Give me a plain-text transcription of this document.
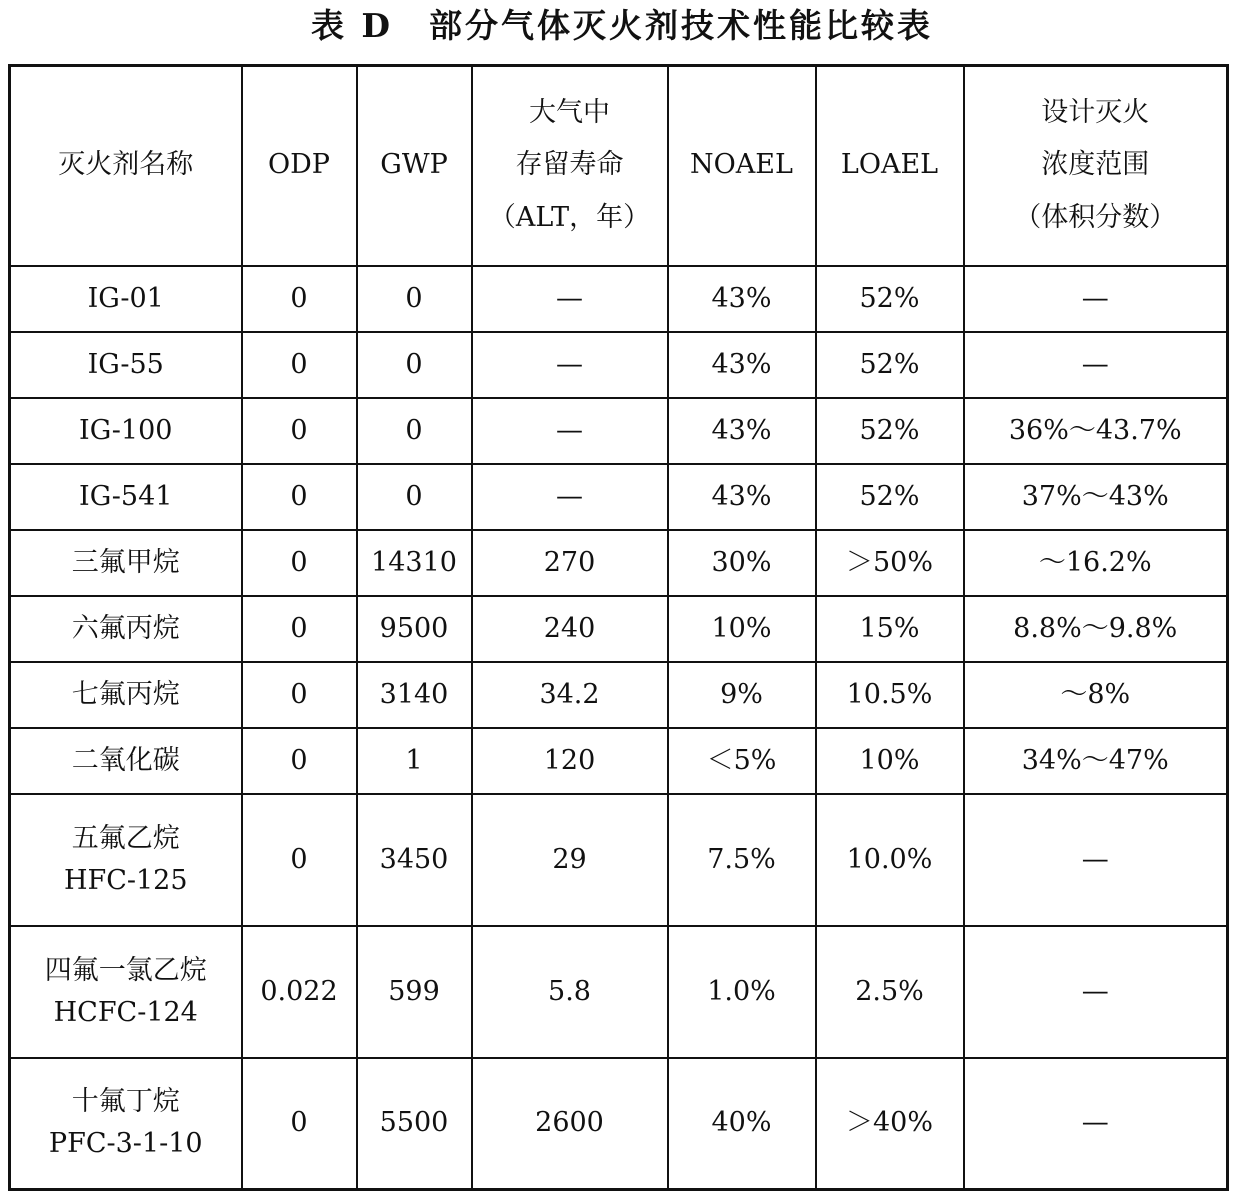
表 D　部分气体灭火剂技术性能比较表
灭火剂名称	ODP	GWP	大气中
存留寿命
（ALT，年）	NOAEL	LOAEL	设计灭火
浓度范围
（体积分数）

IG-01	0	0	—	43%	52%	—

IG-55	0	0	—	43%	52%	—

IG-100	0	0	—	43%	52%	36%～43.7%

IG-541	0	0	—	43%	52%	37%～43%

三氟甲烷	0	14310	270	30%	＞50%	～16.2%

六氟丙烷	0	9500	240	10%	15%	8.8%～9.8%

七氟丙烷	0	3140	34.2	9%	10.5%	～8%

二氧化碳	0	1	120	＜5%	10%	34%～47%

五氟乙烷
HFC-125	0	3450	29	7.5%	10.0%	—

四氟一氯乙烷
HCFC-124	0.022	599	5.8	1.0%	2.5%	—

十氟丁烷
PFC-3-1-10	0	5500	2600	40%	＞40%	—
